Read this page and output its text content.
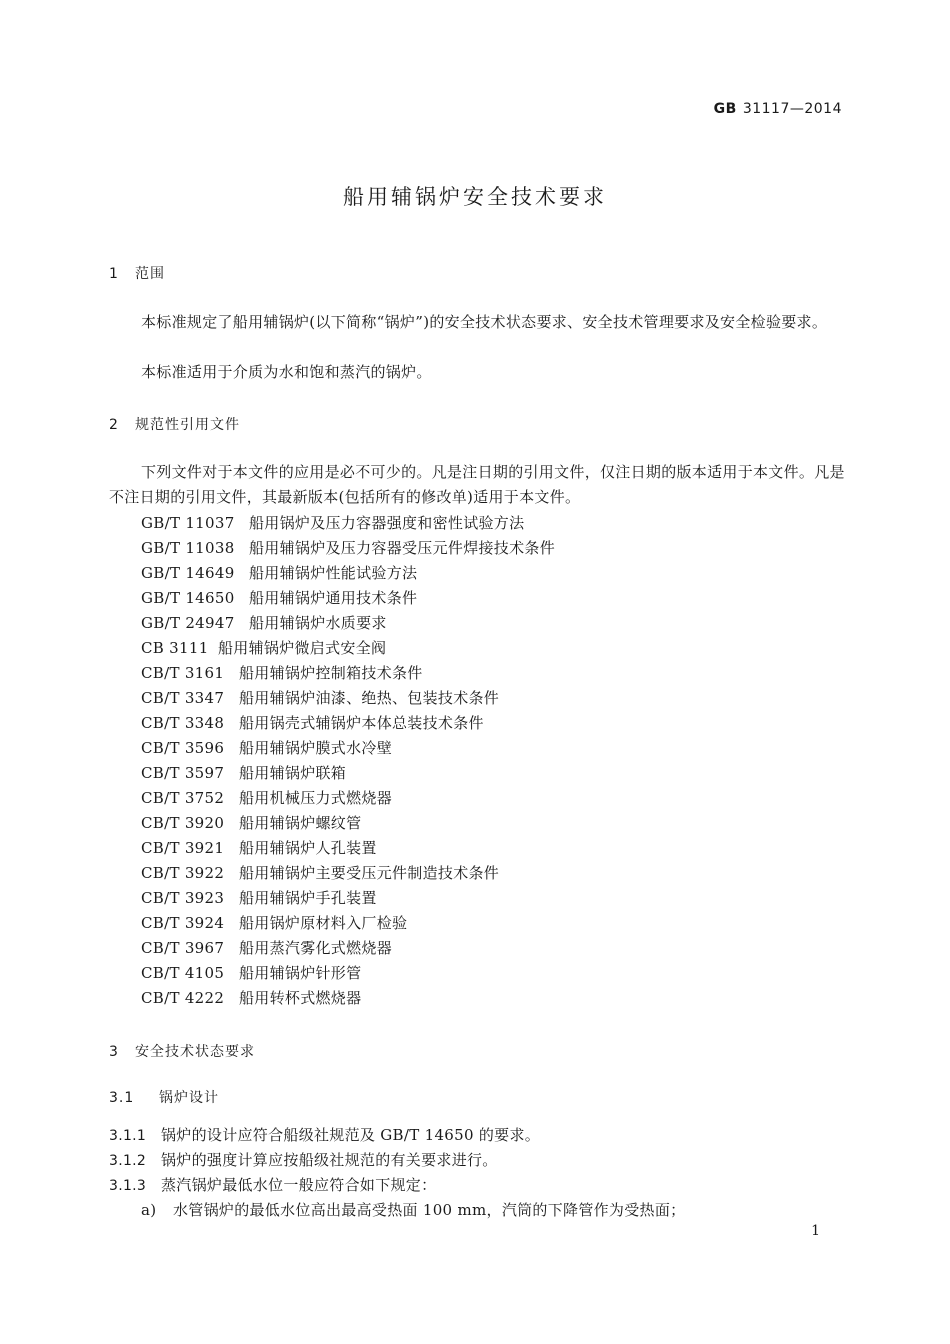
GB 31117—2014
船用辅锅炉安全技术要求
1 范围
本标准规定了船用辅锅炉(以下简称“锅炉”)的安全技术状态要求、安全技术管理要求及安全检验要求。
本标准适用于介质为水和饱和蒸汽的锅炉。
2 规范性引用文件
下列文件对于本文件的应用是必不可少的。凡是注日期的引用文件，仅注日期的版本适用于本文件。凡是不注日期的引用文件，其最新版本(包括所有的修改单)适用于本文件。
GB/T 11037 船用锅炉及压力容器强度和密性试验方法
GB/T 11038 船用辅锅炉及压力容器受压元件焊接技术条件
GB/T 14649 船用辅锅炉性能试验方法
GB/T 14650 船用辅锅炉通用技术条件
GB/T 24947 船用辅锅炉水质要求
CB 3111 船用辅锅炉微启式安全阀
CB/T 3161 船用辅锅炉控制箱技术条件
CB/T 3347 船用辅锅炉油漆、绝热、包装技术条件
CB/T 3348 船用锅壳式辅锅炉本体总装技术条件
CB/T 3596 船用辅锅炉膜式水冷壁
CB/T 3597 船用辅锅炉联箱
CB/T 3752 船用机械压力式燃烧器
CB/T 3920 船用辅锅炉螺纹管
CB/T 3921 船用辅锅炉人孔装置
CB/T 3922 船用辅锅炉主要受压元件制造技术条件
CB/T 3923 船用辅锅炉手孔装置
CB/T 3924 船用锅炉原材料入厂检验
CB/T 3967 船用蒸汽雾化式燃烧器
CB/T 4105 船用辅锅炉针形管
CB/T 4222 船用转杯式燃烧器
3 安全技术状态要求
3.1 锅炉设计
3.1.1 锅炉的设计应符合船级社规范及 GB/T 14650 的要求。
3.1.2 锅炉的强度计算应按船级社规范的有关要求进行。
3.1.3 蒸汽锅炉最低水位一般应符合如下规定：
a) 水管锅炉的最低水位高出最高受热面 100 mm，汽筒的下降管作为受热面；
1
